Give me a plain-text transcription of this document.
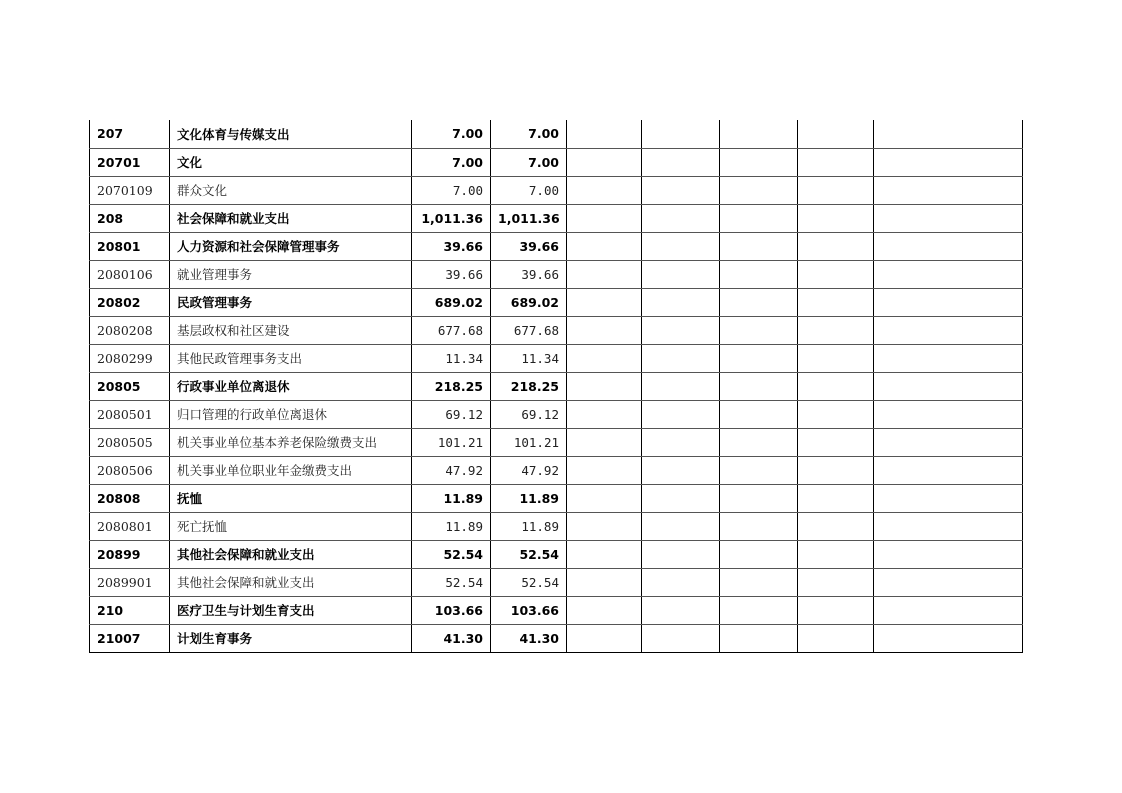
207	文化体育与传媒支出	7.00	7.00					
20701	文化	7.00	7.00					
2070109	群众文化	7.00	7.00					
208	社会保障和就业支出	1,011.36	1,011.36					
20801	人力资源和社会保障管理事务	39.66	39.66					
2080106	就业管理事务	39.66	39.66					
20802	民政管理事务	689.02	689.02					
2080208	基层政权和社区建设	677.68	677.68					
2080299	其他民政管理事务支出	11.34	11.34					
20805	行政事业单位离退休	218.25	218.25					
2080501	归口管理的行政单位离退休	69.12	69.12					
2080505	机关事业单位基本养老保险缴费支出	101.21	101.21					
2080506	机关事业单位职业年金缴费支出	47.92	47.92					
20808	抚恤	11.89	11.89					
2080801	死亡抚恤	11.89	11.89					
20899	其他社会保障和就业支出	52.54	52.54					
2089901	其他社会保障和就业支出	52.54	52.54					
210	医疗卫生与计划生育支出	103.66	103.66					
21007	计划生育事务	41.30	41.30					
